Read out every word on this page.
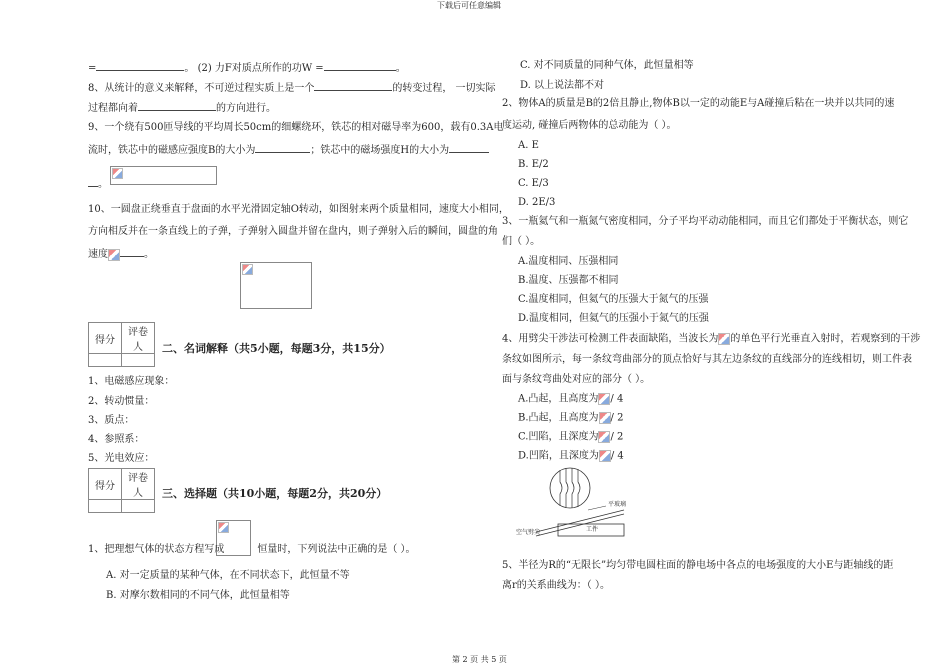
下载后可任意编辑
=	。 (2) 力F对质点所作的功W =	。
8、从统计的意义来解释，不可逆过程实质上是一个	的转变过程， 一切实际
过程都向着	的方向进行。
9、一个绕有500匝导线的平均周长50cm的细螺绕环，铁芯的相对磁导率为600，载有0.3A电
流时，铁芯中的磁感应强度B的大小为	；铁芯中的磁场强度H的大小为
。
10、一圆盘正绕垂直于盘面的水平光滑固定轴O转动，如图射来两个质量相同，速度大小相同，
方向相反并在一条直线上的子弹，子弹射入圆盘并留在盘内，则子弹射入后的瞬间，圆盘的角
速度	。
得分	评卷人
	二、名词解释（共5小题，每题3分，共15分）
1、电磁感应现象：
2、转动惯量：
3、质点：
4、参照系：
5、光电效应：
得分	评卷人
	三、选择题（共10小题，每题2分，共20分）
1、把理想气体的状态方程写成	恒量时，下列说法中正确的是（ ）。
A. 对一定质量的某种气体，在不同状态下，此恒量不等
B. 对摩尔数相同的不同气体，此恒量相等
C. 对不同质量的同种气体，此恒量相等
D. 以上说法都不对
2、物体A的质量是B的2倍且静止,物体B以一定的动能E与A碰撞后粘在一块并以共同的速
度运动, 碰撞后两物体的总动能为（ ）。
A. E
B. E/2
C. E/3
D. 2E/3
3、一瓶氦气和一瓶氮气密度相同，分子平均平动动能相同，而且它们都处于平衡状态，则它
们（ ）。
A.温度相同、压强相同
B.温度、压强都不相同
C.温度相同，但氦气的压强大于氮气的压强
D.温度相同，但氦气的压强小于氮气的压强
4、用劈尖干涉法可检测工件表面缺陷，当波长为 的单色平行光垂直入射时，若观察到的干涉
条纹如图所示，每一条纹弯曲部分的顶点恰好与其左边条纹的直线部分的连线相切，则工件表
面与条纹弯曲处对应的部分（ ）。
A.凸起，且高度为 / 4
B.凸起，且高度为 / 2
C.凹陷，且深度为 / 2
D.凹陷，且深度为 / 4
平玻璃
工件
空气劈尖
5、半径为R的“无限长”均匀带电圆柱面的静电场中各点的电场强度的大小E与距轴线的距
离r的关系曲线为：（ ）。
第 2 页 共 5 页
